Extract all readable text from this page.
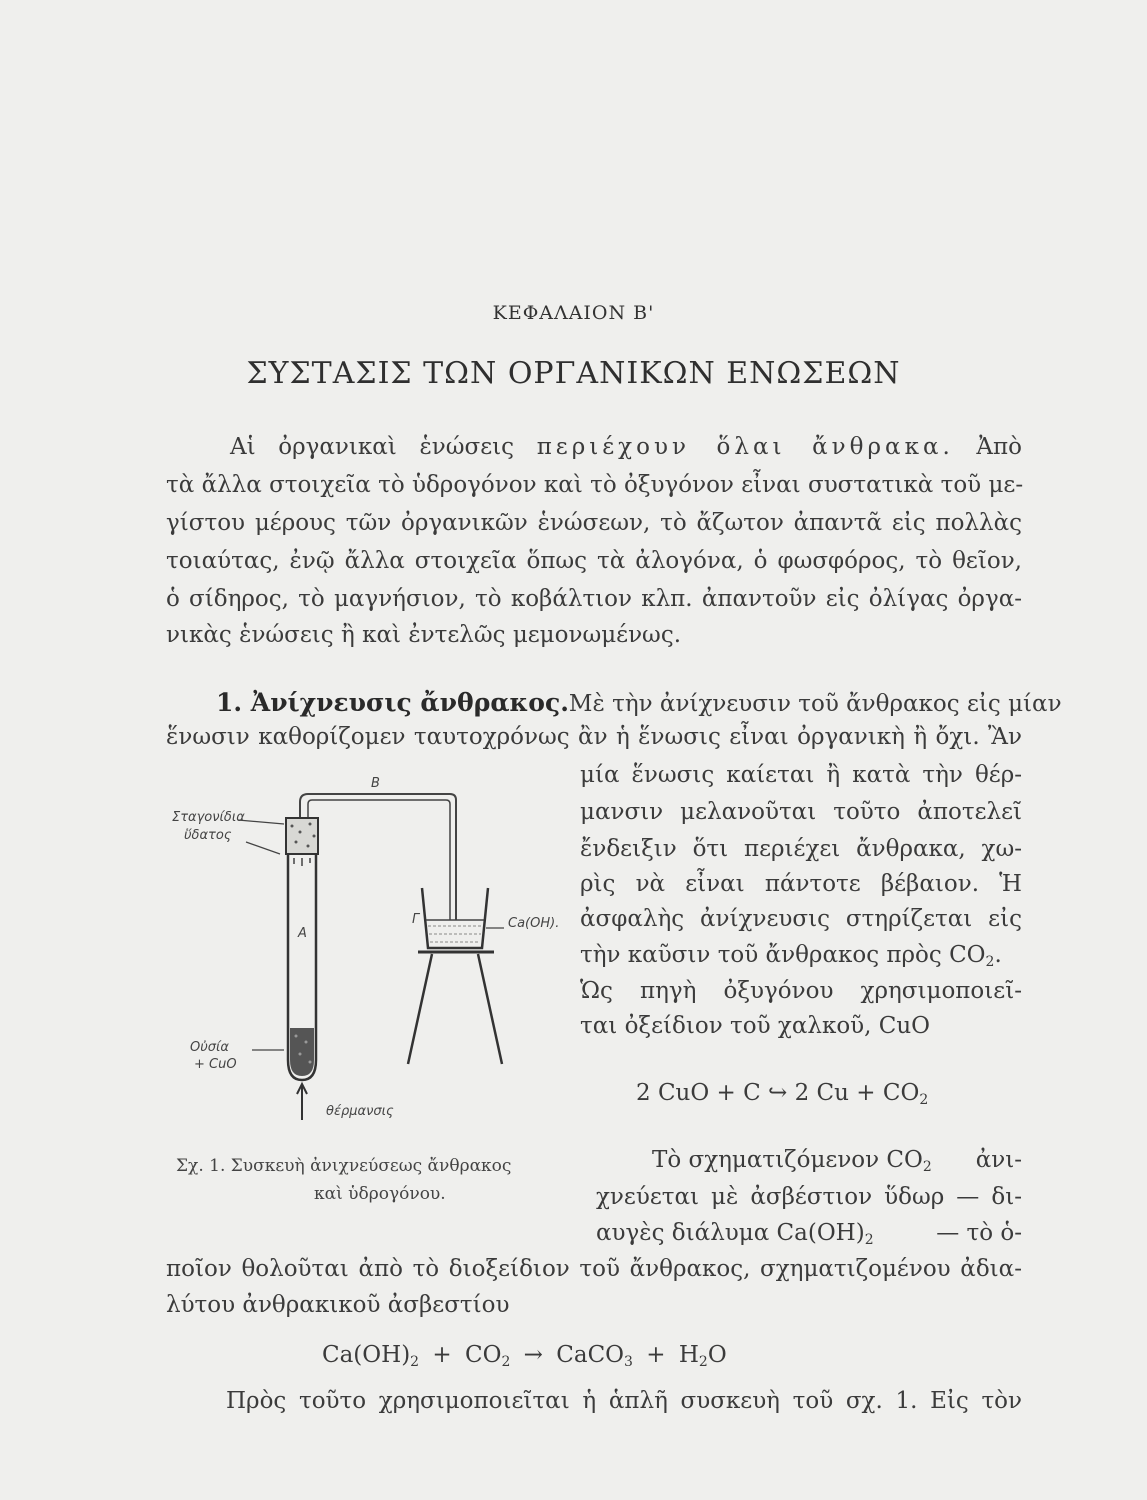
ΚΕΦΑΛΑΙΟΝ Β'
ΣΥΣΤΑΣΙΣ ΤΩΝ ΟΡΓΑΝΙΚΩΝ ΕΝΩΣΕΩΝ
Αἱ ὀργανικαὶ ἑνώσεις περιέχουν ὅλαι ἄνθρακα. Ἀπὸ
τὰ ἄλλα στοιχεῖα τὸ ὑδρογόνον καὶ τὸ ὀξυγόνον εἶναι συστατικὰ τοῦ με-
γίστου μέρους τῶν ὀργανικῶν ἑνώσεων, τὸ ἄζωτον ἀπαντᾶ εἰς πολλὰς
τοιαύτας, ἐνῷ ἄλλα στοιχεῖα ὅπως τὰ ἀλογόνα, ὁ φωσφόρος, τὸ θεῖον,
ὁ σίδηρος, τὸ μαγνήσιον, τὸ κοβάλτιον κλπ. ἀπαντοῦν εἰς ὀλίγας ὀργα-
νικὰς ἑνώσεις ἢ καὶ ἐντελῶς μεμονωμένως.
1. Ἀνίχνευσις ἄνθρακος. Μὲ τὴν ἀνίχνευσιν τοῦ ἄνθρακος εἰς μίαν
ἕνωσιν καθορίζομεν ταυτοχρόνως ἂν ἡ ἕνωσις εἶναι ὀργανικὴ ἢ ὄχι. Ἂν
μία ἕνωσις καίεται ἢ κατὰ τὴν θέρ-
μανσιν μελανοῦται τοῦτο ἀποτελεῖ
ἔνδειξιν ὅτι περιέχει ἄνθρακα, χω-
ρὶς νὰ εἶναι πάντοτε βέβαιον. Ἡ
ἀσφαλὴς ἀνίχνευσις στηρίζεται εἰς
τὴν καῦσιν τοῦ ἄνθρακος πρὸς $CO_2$.
Ὡς πηγὴ ὀξυγόνου χρησιμοποιεῖ-
ται ὀξείδιον τοῦ χαλκοῦ, CuO
2 CuO + C ↪ 2 $Cu + CO_2$
Τὸ σχηματιζόμενον $CO_2$ ἀνι-
χνεύεται μὲ ἀσβέστιον ὕδωρ — δι-
αυγὲς διάλυμα $Ca(OH)_2$	— τὸ ὁ-
ποῖον θολοῦται ἀπὸ τὸ διοξείδιον τοῦ ἄνθρακος, σχηματιζομένου ἀδια-
λύτου ἀνθρακικοῦ ἀσβεστίου
$Ca(OH)_2 + CO_2$ → CaCO$_3$ + $H_2O$
Πρὸς τοῦτο χρησιμοποιεῖται ἡ ἁπλῆ συσκευὴ τοῦ σχ. 1. Εἰς τὸν
B
Σταγονίδια
ὕδατος
A
Γ	Ca(OH).
Οὐσία
+ CuO
θέρμανσις
Σχ. 1. Συσκευὴ ἀνιχνεύσεως ἄνθρακος
καὶ ὑδρογόνου.
